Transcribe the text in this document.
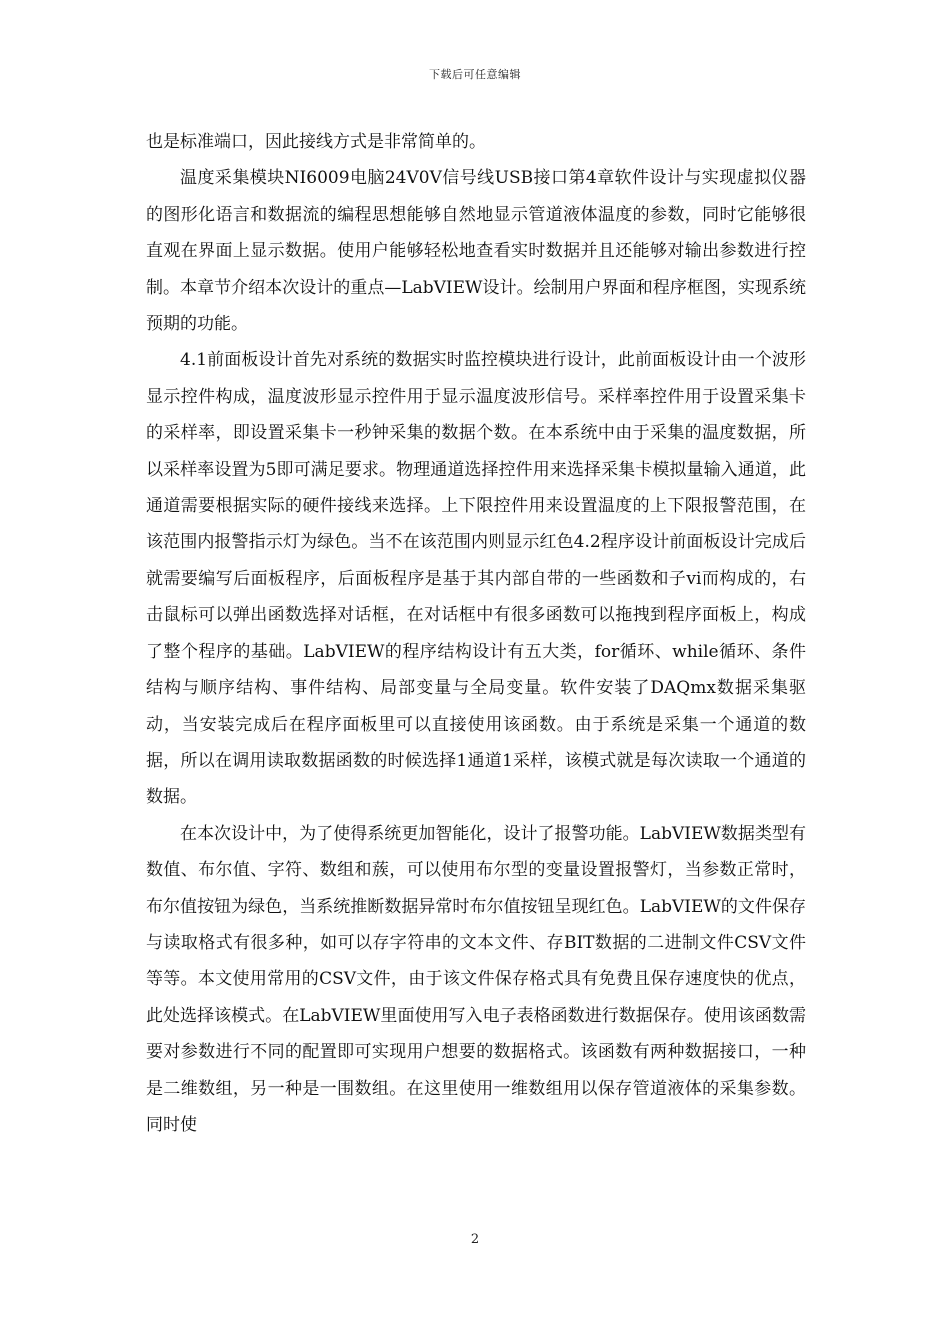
下载后可任意编辑

也是标准端口，因此接线方式是非常简单的。

温度采集模块NI6009电脑24V0V信号线USB接口第4章软件设计与实现虚拟仪器的图形化语言和数据流的编程思想能够自然地显示管道液体温度的参数，同时它能够很直观在界面上显示数据。使用户能够轻松地查看实时数据并且还能够对输出参数进行控制。本章节介绍本次设计的重点—LabVIEW设计。绘制用户界面和程序框图，实现系统预期的功能。

4.1前面板设计首先对系统的数据实时监控模块进行设计，此前面板设计由一个波形显示控件构成，温度波形显示控件用于显示温度波形信号。采样率控件用于设置采集卡的采样率，即设置采集卡一秒钟采集的数据个数。在本系统中由于采集的温度数据，所以采样率设置为5即可满足要求。物理通道选择控件用来选择采集卡模拟量输入通道，此通道需要根据实际的硬件接线来选择。上下限控件用来设置温度的上下限报警范围，在该范围内报警指示灯为绿色。当不在该范围内则显示红色4.2程序设计前面板设计完成后就需要编写后面板程序，后面板程序是基于其内部自带的一些函数和子vi而构成的，右击鼠标可以弹出函数选择对话框，在对话框中有很多函数可以拖拽到程序面板上，构成了整个程序的基础。LabVIEW的程序结构设计有五大类，for循环、while循环、条件结构与顺序结构、事件结构、局部变量与全局变量。软件安装了DAQmx数据采集驱动，当安装完成后在程序面板里可以直接使用该函数。由于系统是采集一个通道的数据，所以在调用读取数据函数的时候选择1通道1采样，该模式就是每次读取一个通道的数据。

在本次设计中，为了使得系统更加智能化，设计了报警功能。LabVIEW数据类型有数值、布尔值、字符、数组和蔟，可以使用布尔型的变量设置报警灯，当参数正常时，布尔值按钮为绿色，当系统推断数据异常时布尔值按钮呈现红色。LabVIEW的文件保存与读取格式有很多种，如可以存字符串的文本文件、存BIT数据的二进制文件CSV文件等等。本文使用常用的CSV文件，由于该文件保存格式具有免费且保存速度快的优点，此处选择该模式。在LabVIEW里面使用写入电子表格函数进行数据保存。使用该函数需要对参数进行不同的配置即可实现用户想要的数据格式。该函数有两种数据接口，一种是二维数组，另一种是一围数组。在这里使用一维数组用以保存管道液体的采集参数。同时使

2
